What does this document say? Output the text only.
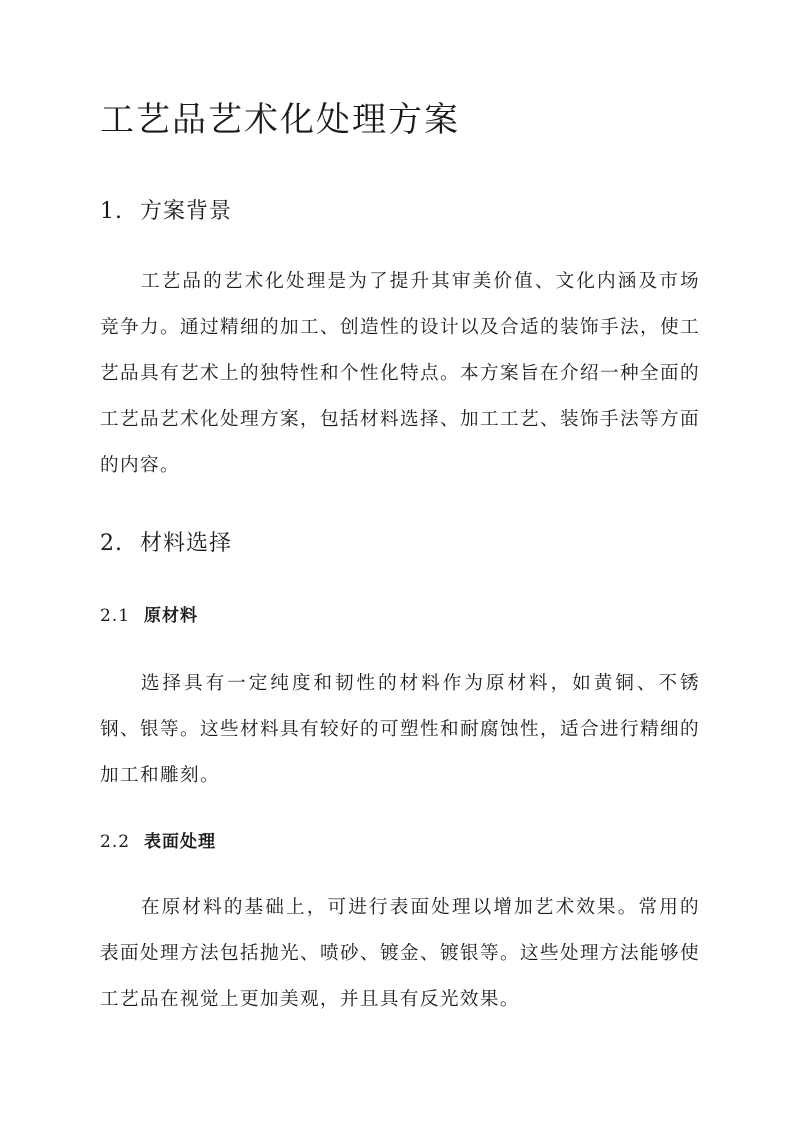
工艺品艺术化处理方案
1. 方案背景

工艺品的艺术化处理是为了提升其审美价值、文化内涵及市场竞争力。通过精细的加工、创造性的设计以及合适的装饰手法，使工艺品具有艺术上的独特性和个性化特点。本方案旨在介绍一种全面的工艺品艺术化处理方案，包括材料选择、加工工艺、装饰手法等方面的内容。

2. 材料选择
2.1 原材料

选择具有一定纯度和韧性的材料作为原材料，如黄铜、不锈钢、银等。这些材料具有较好的可塑性和耐腐蚀性，适合进行精细的加工和雕刻。

2.2 表面处理

在原材料的基础上，可进行表面处理以增加艺术效果。常用的表面处理方法包括抛光、喷砂、镀金、镀银等。这些处理方法能够使工艺品在视觉上更加美观，并且具有反光效果。
